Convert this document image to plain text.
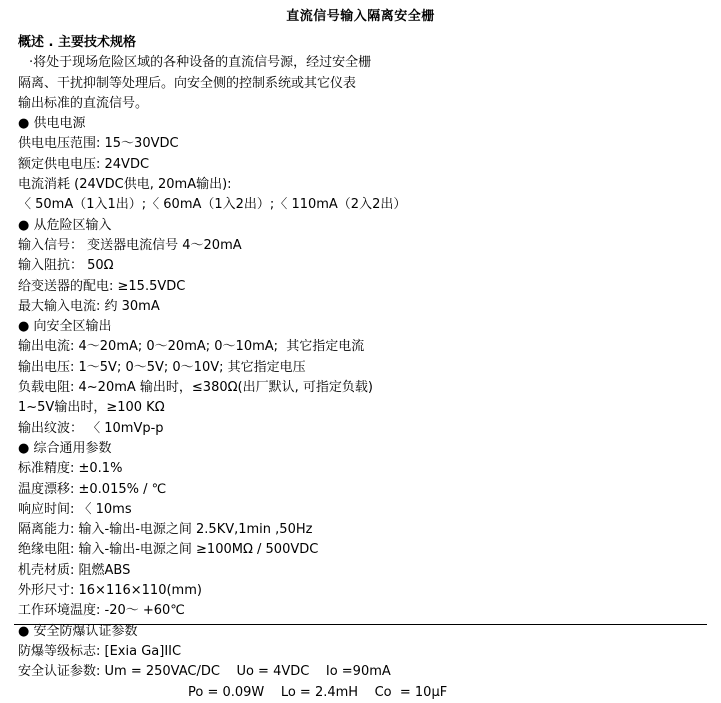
直流信号输入隔离安全栅
概述 . 主要技术规格
·将处于现场危险区域的各种设备的直流信号源，经过安全栅
隔离、干扰抑制等处理后。向安全侧的控制系统或其它仪表
输出标准的直流信号。
● 供电电源
供电电压范围: 15～30VDC
额定供电电压: 24VDC
电流消耗 (24VDC供电, 20mA输出):
〈 50mA（1入1出）;〈 60mA（1入2出）;〈 110mA（2入2出）
● 从危险区输入
输入信号： 变送器电流信号 4～20mA
输入阻抗： 50Ω
给变送器的配电: ≥15.5VDC
最大输入电流: 约 30mA
● 向安全区输出
输出电流: 4～20mA; 0～20mA; 0～10mA;  其它指定电流
输出电压: 1～5V; 0～5V; 0～10V; 其它指定电压
负载电阻: 4~20mA 输出时，≤380Ω(出厂默认, 可指定负载)
1~5V输出时，≥100 KΩ
输出纹波： 〈 10mVp-p
● 综合通用参数
标准精度: ±0.1%
温度漂移: ±0.015% / ℃
响应时间: 〈 10ms
隔离能力: 输入-输出-电源之间 2.5KV,1min ,50Hz
绝缘电阻: 输入-输出-电源之间 ≥100MΩ / 500VDC
机壳材质: 阻燃ABS
外形尺寸: 16×116×110(mm)
工作环境温度: -20～ +60℃
● 安全防爆认证参数
防爆等级标志: [Exia Ga]IIC
安全认证参数: Um = 250VAC/DC    Uo = 4VDC    Io =90mA
Po = 0.09W    Lo = 2.4mH    Co  = 10μF
